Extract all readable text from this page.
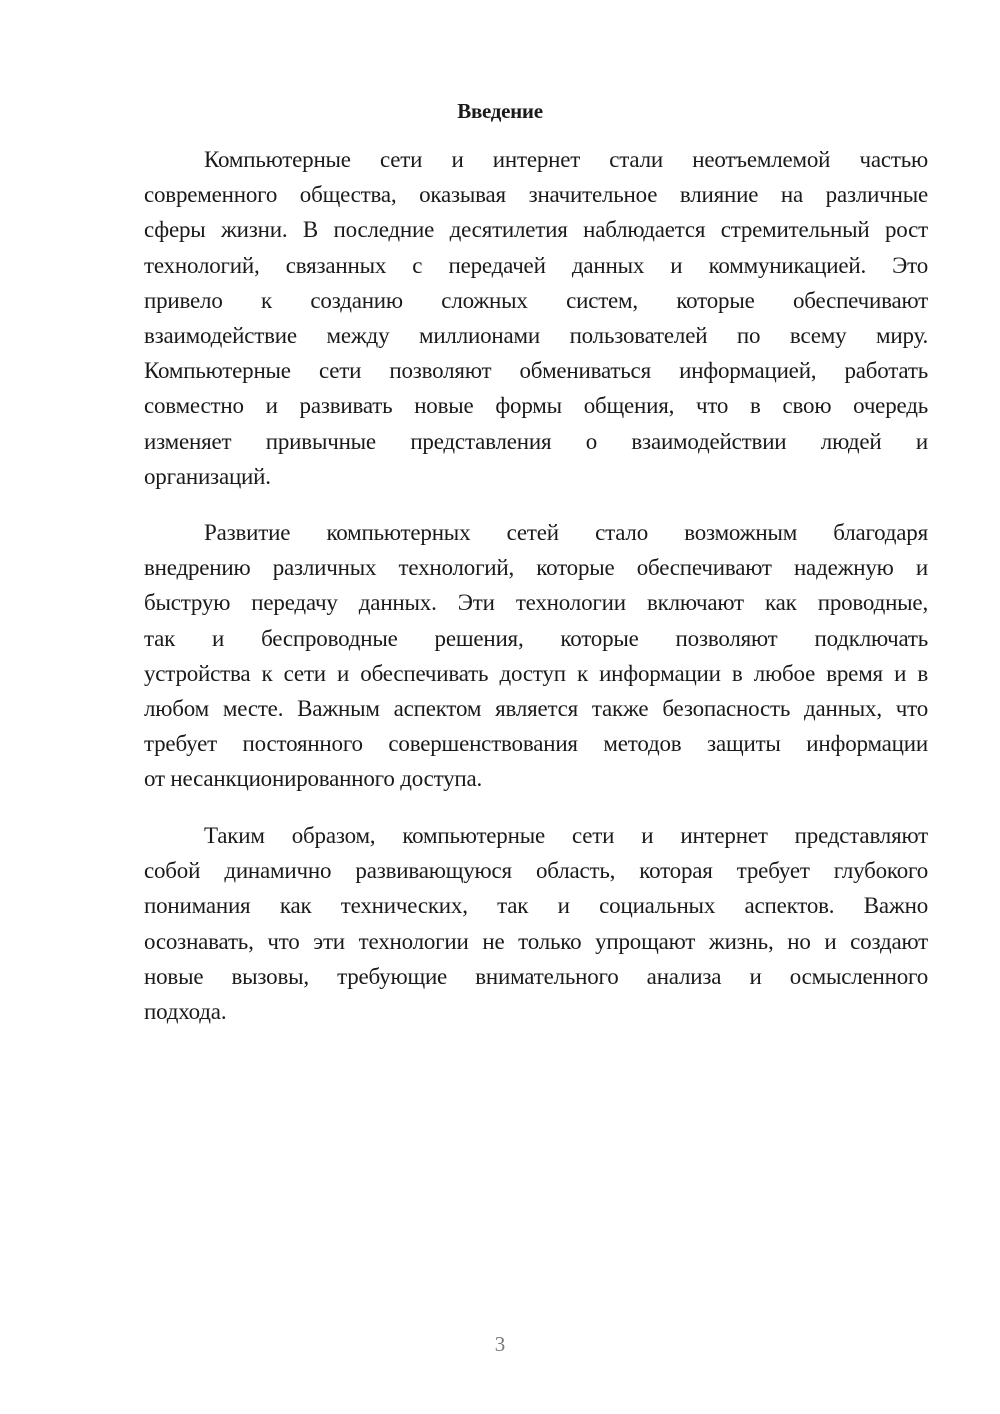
Введение
Компьютерные сети и интернет стали неотъемлемой частью
современного общества, оказывая значительное влияние на различные
сферы жизни. В последние десятилетия наблюдается стремительный рост
технологий, связанных с передачей данных и коммуникацией. Это
привело к созданию сложных систем, которые обеспечивают
взаимодействие между миллионами пользователей по всему миру.
Компьютерные сети позволяют обмениваться информацией, работать
совместно и развивать новые формы общения, что в свою очередь
изменяет привычные представления о взаимодействии людей и
организаций.
Развитие компьютерных сетей стало возможным благодаря
внедрению различных технологий, которые обеспечивают надежную и
быструю передачу данных. Эти технологии включают как проводные,
так и беспроводные решения, которые позволяют подключать
устройства к сети и обеспечивать доступ к информации в любое время и в
любом месте. Важным аспектом является также безопасность данных, что
требует постоянного совершенствования методов защиты информации
от несанкционированного доступа.
Таким образом, компьютерные сети и интернет представляют
собой динамично развивающуюся область, которая требует глубокого
понимания как технических, так и социальных аспектов. Важно
осознавать, что эти технологии не только упрощают жизнь, но и создают
новые вызовы, требующие внимательного анализа и осмысленного
подхода.
3
